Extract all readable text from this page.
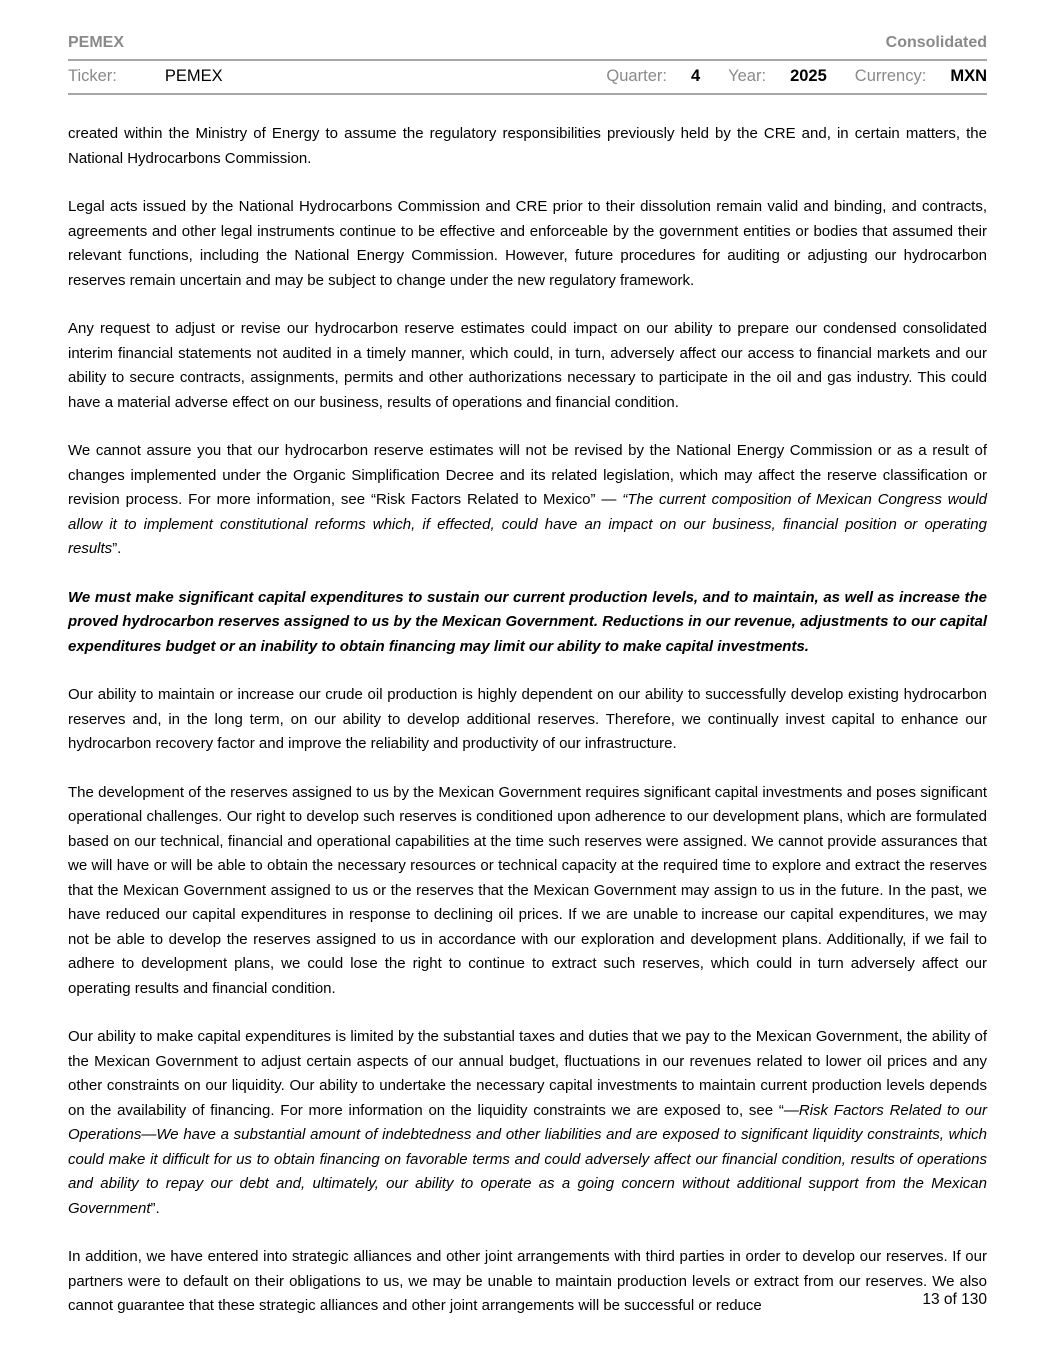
PEMEX	Consolidated
Ticker:	PEMEX	Quarter: 4 Year: 2025 Currency: MXN

created within the Ministry of Energy to assume the regulatory responsibilities previously held by the CRE and, in certain matters, the National Hydrocarbons Commission.

Legal acts issued by the National Hydrocarbons Commission and CRE prior to their dissolution remain valid and binding, and contracts, agreements and other legal instruments continue to be effective and enforceable by the government entities or bodies that assumed their relevant functions, including the National Energy Commission. However, future procedures for auditing or adjusting our hydrocarbon reserves remain uncertain and may be subject to change under the new regulatory framework.

Any request to adjust or revise our hydrocarbon reserve estimates could impact on our ability to prepare our condensed consolidated interim financial statements not audited in a timely manner, which could, in turn, adversely affect our access to financial markets and our ability to secure contracts, assignments, permits and other authorizations necessary to participate in the oil and gas industry. This could have a material adverse effect on our business, results of operations and financial condition.

We cannot assure you that our hydrocarbon reserve estimates will not be revised by the National Energy Commission or as a result of changes implemented under the Organic Simplification Decree and its related legislation, which may affect the reserve classification or revision process. For more information, see “Risk Factors Related to Mexico” — “The current composition of Mexican Congress would allow it to implement constitutional reforms which, if effected, could have an impact on our business, financial position or operating results”.

We must make significant capital expenditures to sustain our current production levels, and to maintain, as well as increase the proved hydrocarbon reserves assigned to us by the Mexican Government. Reductions in our revenue, adjustments to our capital expenditures budget or an inability to obtain financing may limit our ability to make capital investments.

Our ability to maintain or increase our crude oil production is highly dependent on our ability to successfully develop existing hydrocarbon reserves and, in the long term, on our ability to develop additional reserves. Therefore, we continually invest capital to enhance our hydrocarbon recovery factor and improve the reliability and productivity of our infrastructure.

The development of the reserves assigned to us by the Mexican Government requires significant capital investments and poses significant operational challenges. Our right to develop such reserves is conditioned upon adherence to our development plans, which are formulated based on our technical, financial and operational capabilities at the time such reserves were assigned. We cannot provide assurances that we will have or will be able to obtain the necessary resources or technical capacity at the required time to explore and extract the reserves that the Mexican Government assigned to us or the reserves that the Mexican Government may assign to us in the future. In the past, we have reduced our capital expenditures in response to declining oil prices. If we are unable to increase our capital expenditures, we may not be able to develop the reserves assigned to us in accordance with our exploration and development plans. Additionally, if we fail to adhere to development plans, we could lose the right to continue to extract such reserves, which could in turn adversely affect our operating results and financial condition.

Our ability to make capital expenditures is limited by the substantial taxes and duties that we pay to the Mexican Government, the ability of the Mexican Government to adjust certain aspects of our annual budget, fluctuations in our revenues related to lower oil prices and any other constraints on our liquidity. Our ability to undertake the necessary capital investments to maintain current production levels depends on the availability of financing. For more information on the liquidity constraints we are exposed to, see “—Risk Factors Related to our Operations—We have a substantial amount of indebtedness and other liabilities and are exposed to significant liquidity constraints, which could make it difficult for us to obtain financing on favorable terms and could adversely affect our financial condition, results of operations and ability to repay our debt and, ultimately, our ability to operate as a going concern without additional support from the Mexican Government”.

In addition, we have entered into strategic alliances and other joint arrangements with third parties in order to develop our reserves. If our partners were to default on their obligations to us, we may be unable to maintain production levels or extract from our reserves. We also cannot guarantee that these strategic alliances and other joint arrangements will be successful or reduce	13 of 130
